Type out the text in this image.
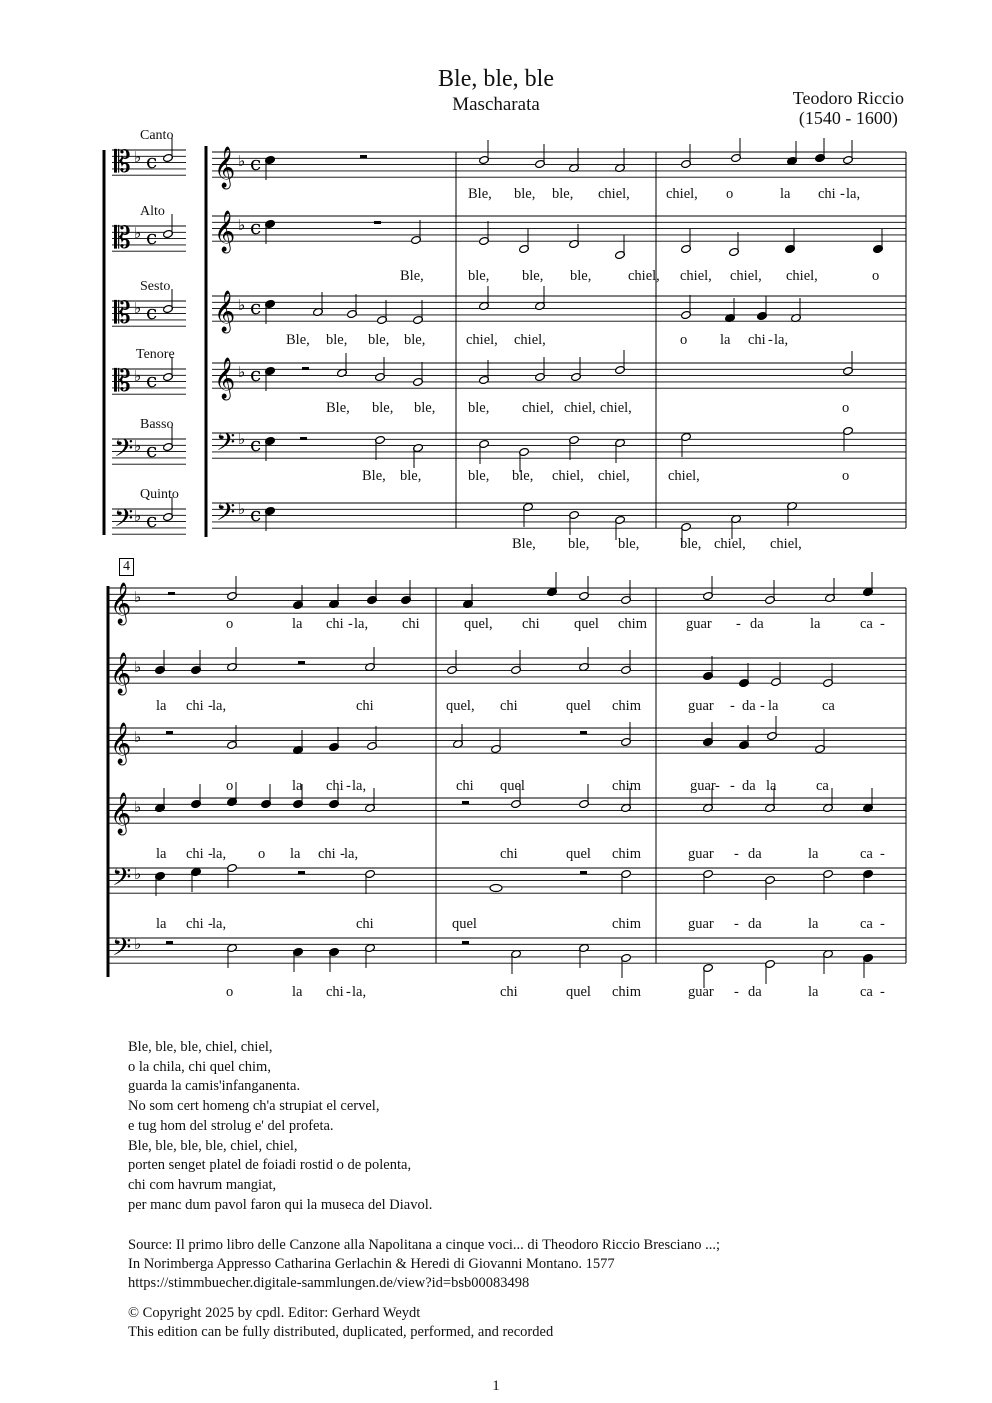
Ble, ble, ble
Mascharata	Teodoro Riccio
(1540 - 1600)
𝄡 ♭ c
𝄡 ♭ c
𝄡 ♭ c
𝄡 ♭ c
𝄢 ♭ c
𝄢 ♭ c
𝄞 ♭ c
𝄞 ♭ c
𝄞 ♭ c
𝄞 ♭ c
𝄢 ♭ c
𝄢 ♭ c
𝄞 ♭
𝄞 ♭
𝄞 ♭
𝄞 ♭
𝄢 ♭
𝄢 ♭
Canto
Alto
Sesto
Tenore
Basso
Quinto
Ble, ble, ble, chiel, chiel, o	la chi - la,
Ble,	ble, ble, ble,	chiel, chiel, chiel, chiel,	o
Ble, ble, ble, ble,	chiel, chiel,	o la chi - la,
Ble, ble, ble, ble, chiel, chiel, chiel,	o
Ble, ble,	ble, ble, chiel, chiel,	chiel,	o
Ble, ble, ble,	ble, chiel, chiel,
o	la chi - la, chi	quel, chi quel chim	guar - da	la	ca -
la chi - la,	chi	quel, chi	quel chim	guar - da la	ca
-
o	la chi - la,	chi quel	chim	guar - da la	ca
-
la chi - la, o la chi - la,	chi	quel chim	guar - da	la	ca -
la chi - la,	chi	quel	chim	guar - da	la	ca -
o	la chi - la,	chi	quel chim	guar - da	la	ca -
4
Ble, ble, ble, chiel, chiel,
o la chila, chi quel chim,
guarda la camis'infanganenta.
No som cert homeng ch'a strupiat el cervel,
e tug hom del strolug e' del profeta.
Ble, ble, ble, ble, chiel, chiel,
porten senget platel de foiadi rostid o de polenta,
chi com havrum mangiat,
per manc dum pavol faron qui la museca del Diavol.
Source: Il primo libro delle Canzone alla Napolitana a cinque voci... di Theodoro Riccio Bresciano ...;
In Norimberga Appresso Catharina Gerlachin & Heredi di Giovanni Montano. 1577
https://stimmbuecher.digitale-sammlungen.de/view?id=bsb00083498
© Copyright 2025 by cpdl. Editor: Gerhard Weydt
This edition can be fully distributed, duplicated, performed, and recorded
1
